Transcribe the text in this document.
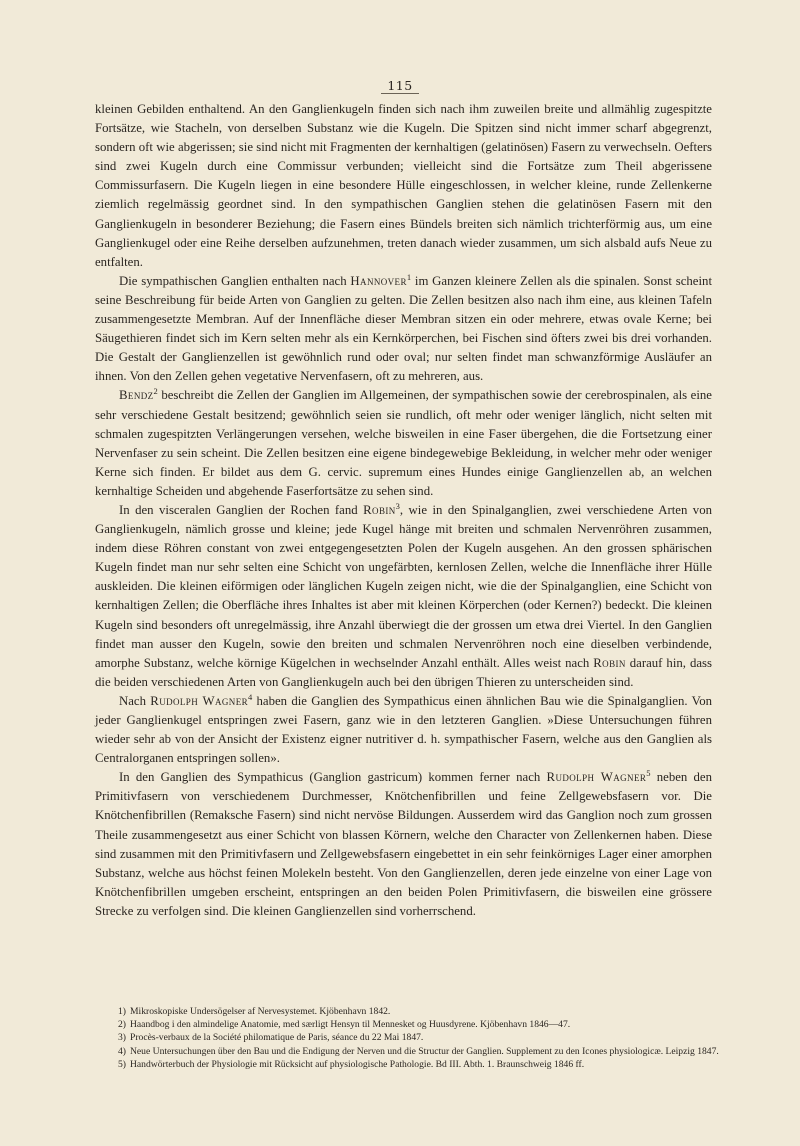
115

kleinen Gebilden enthaltend. An den Ganglienkugeln finden sich nach ihm zuweilen breite und allmählig zugespitzte Fortsätze, wie Stacheln, von derselben Substanz wie die Kugeln. Die Spitzen sind nicht immer scharf abgegrenzt, sondern oft wie abgerissen; sie sind nicht mit Fragmenten der kernhaltigen (gelatinösen) Fasern zu verwechseln. Oefters sind zwei Kugeln durch eine Commissur verbunden; vielleicht sind die Fortsätze zum Theil abgerissene Commissurfasern. Die Kugeln liegen in eine besondere Hülle eingeschlossen, in welcher kleine, runde Zellenkerne ziemlich regelmässig geordnet sind. In den sympathischen Ganglien stehen die gelatinösen Fasern mit den Ganglienkugeln in besonderer Beziehung; die Fasern eines Bündels breiten sich nämlich trichterförmig aus, um eine Ganglienkugel oder eine Reihe derselben aufzunehmen, treten danach wieder zusammen, um sich alsbald aufs Neue zu entfalten.

Die sympathischen Ganglien enthalten nach Hannover$^1$ im Ganzen kleinere Zellen als die spinalen. Sonst scheint seine Beschreibung für beide Arten von Ganglien zu gelten. Die Zellen besitzen also nach ihm eine, aus kleinen Tafeln zusammengesetzte Membran. Auf der Innenfläche dieser Membran sitzen ein oder mehrere, etwas ovale Kerne; bei Säugethieren findet sich im Kern selten mehr als ein Kernkörperchen, bei Fischen sind öfters zwei bis drei vorhanden. Die Gestalt der Ganglienzellen ist gewöhnlich rund oder oval; nur selten findet man schwanzförmige Ausläufer an ihnen. Von den Zellen gehen vegetative Nervenfasern, oft zu mehreren, aus.

Bendz$^2$ beschreibt die Zellen der Ganglien im Allgemeinen, der sympathischen sowie der cerebrospinalen, als eine sehr verschiedene Gestalt besitzend; gewöhnlich seien sie rundlich, oft mehr oder weniger länglich, nicht selten mit schmalen zugespitzten Verlängerungen versehen, welche bisweilen in eine Faser übergehen, die die Fortsetzung einer Nervenfaser zu sein scheint. Die Zellen besitzen eine eigene bindegewebige Bekleidung, in welcher mehr oder weniger Kerne sich finden. Er bildet aus dem G. cervic. supremum eines Hundes einige Ganglienzellen ab, an welchen kernhaltige Scheiden und abgehende Faserfortsätze zu sehen sind.

In den visceralen Ganglien der Rochen fand Robin$^3$, wie in den Spinalganglien, zwei verschiedene Arten von Ganglienkugeln, nämlich grosse und kleine; jede Kugel hänge mit breiten und schmalen Nervenröhren zusammen, indem diese Röhren constant von zwei entgegengesetzten Polen der Kugeln ausgehen. An den grossen sphärischen Kugeln findet man nur sehr selten eine Schicht von ungefärbten, kernlosen Zellen, welche die Innenfläche ihrer Hülle auskleiden. Die kleinen eiförmigen oder länglichen Kugeln zeigen nicht, wie die der Spinalganglien, eine Schicht von kernhaltigen Zellen; die Oberfläche ihres Inhaltes ist aber mit kleinen Körperchen (oder Kernen?) bedeckt. Die kleinen Kugeln sind besonders oft unregelmässig, ihre Anzahl überwiegt die der grossen um etwa drei Viertel. In den Ganglien findet man ausser den Kugeln, sowie den breiten und schmalen Nervenröhren noch eine dieselben verbindende, amorphe Substanz, welche körnige Kügelchen in wechselnder Anzahl enthält. Alles weist nach Robin darauf hin, dass die beiden verschiedenen Arten von Ganglienkugeln auch bei den übrigen Thieren zu unterscheiden sind.

Nach Rudolph Wagner$^4$ haben die Ganglien des Sympathicus einen ähnlichen Bau wie die Spinalganglien. Von jeder Ganglienkugel entspringen zwei Fasern, ganz wie in den letzteren Ganglien. »Diese Untersuchungen führen wieder sehr ab von der Ansicht der Existenz eigner nutritiver d. h. sympathischer Fasern, welche aus den Ganglien als Centralorganen entspringen sollen».

In den Ganglien des Sympathicus (Ganglion gastricum) kommen ferner nach Rudolph Wagner$^5$ neben den Primitivfasern von verschiedenem Durchmesser, Knötchenfibrillen und feine Zellgewebsfasern vor. Die Knötchenfibrillen (Remaksche Fasern) sind nicht nervöse Bildungen. Ausserdem wird das Ganglion noch zum grossen Theile zusammengesetzt aus einer Schicht von blassen Körnern, welche den Character von Zellenkernen haben. Diese sind zusammen mit den Primitivfasern und Zellgewebsfasern eingebettet in ein sehr feinkörniges Lager einer amorphen Substanz, welche aus höchst feinen Molekeln besteht. Von den Ganglienzellen, deren jede einzelne von einer Lage von Knötchenfibrillen umgeben erscheint, entspringen an den beiden Polen Primitivfasern, die bisweilen eine grössere Strecke zu verfolgen sind. Die kleinen Ganglienzellen sind vorherrschend.

1) Mikroskopiske Undersögelser af Nervesystemet. Kjöbenhavn 1842.
2) Haandbog i den almindelige Anatomie, med særligt Hensyn til Mennesket og Huusdyrene. Kjöbenhavn 1846—47.
3) Procès-verbaux de la Société philomatique de Paris, séance du 22 Mai 1847.
4) Neue Untersuchungen über den Bau und die Endigung der Nerven und die Structur der Ganglien. Supplement zu den Icones physiologicæ. Leipzig 1847.
5) Handwörterbuch der Physiologie mit Rücksicht auf physiologische Pathologie. Bd III. Abth. 1. Braunschweig 1846 ff.
